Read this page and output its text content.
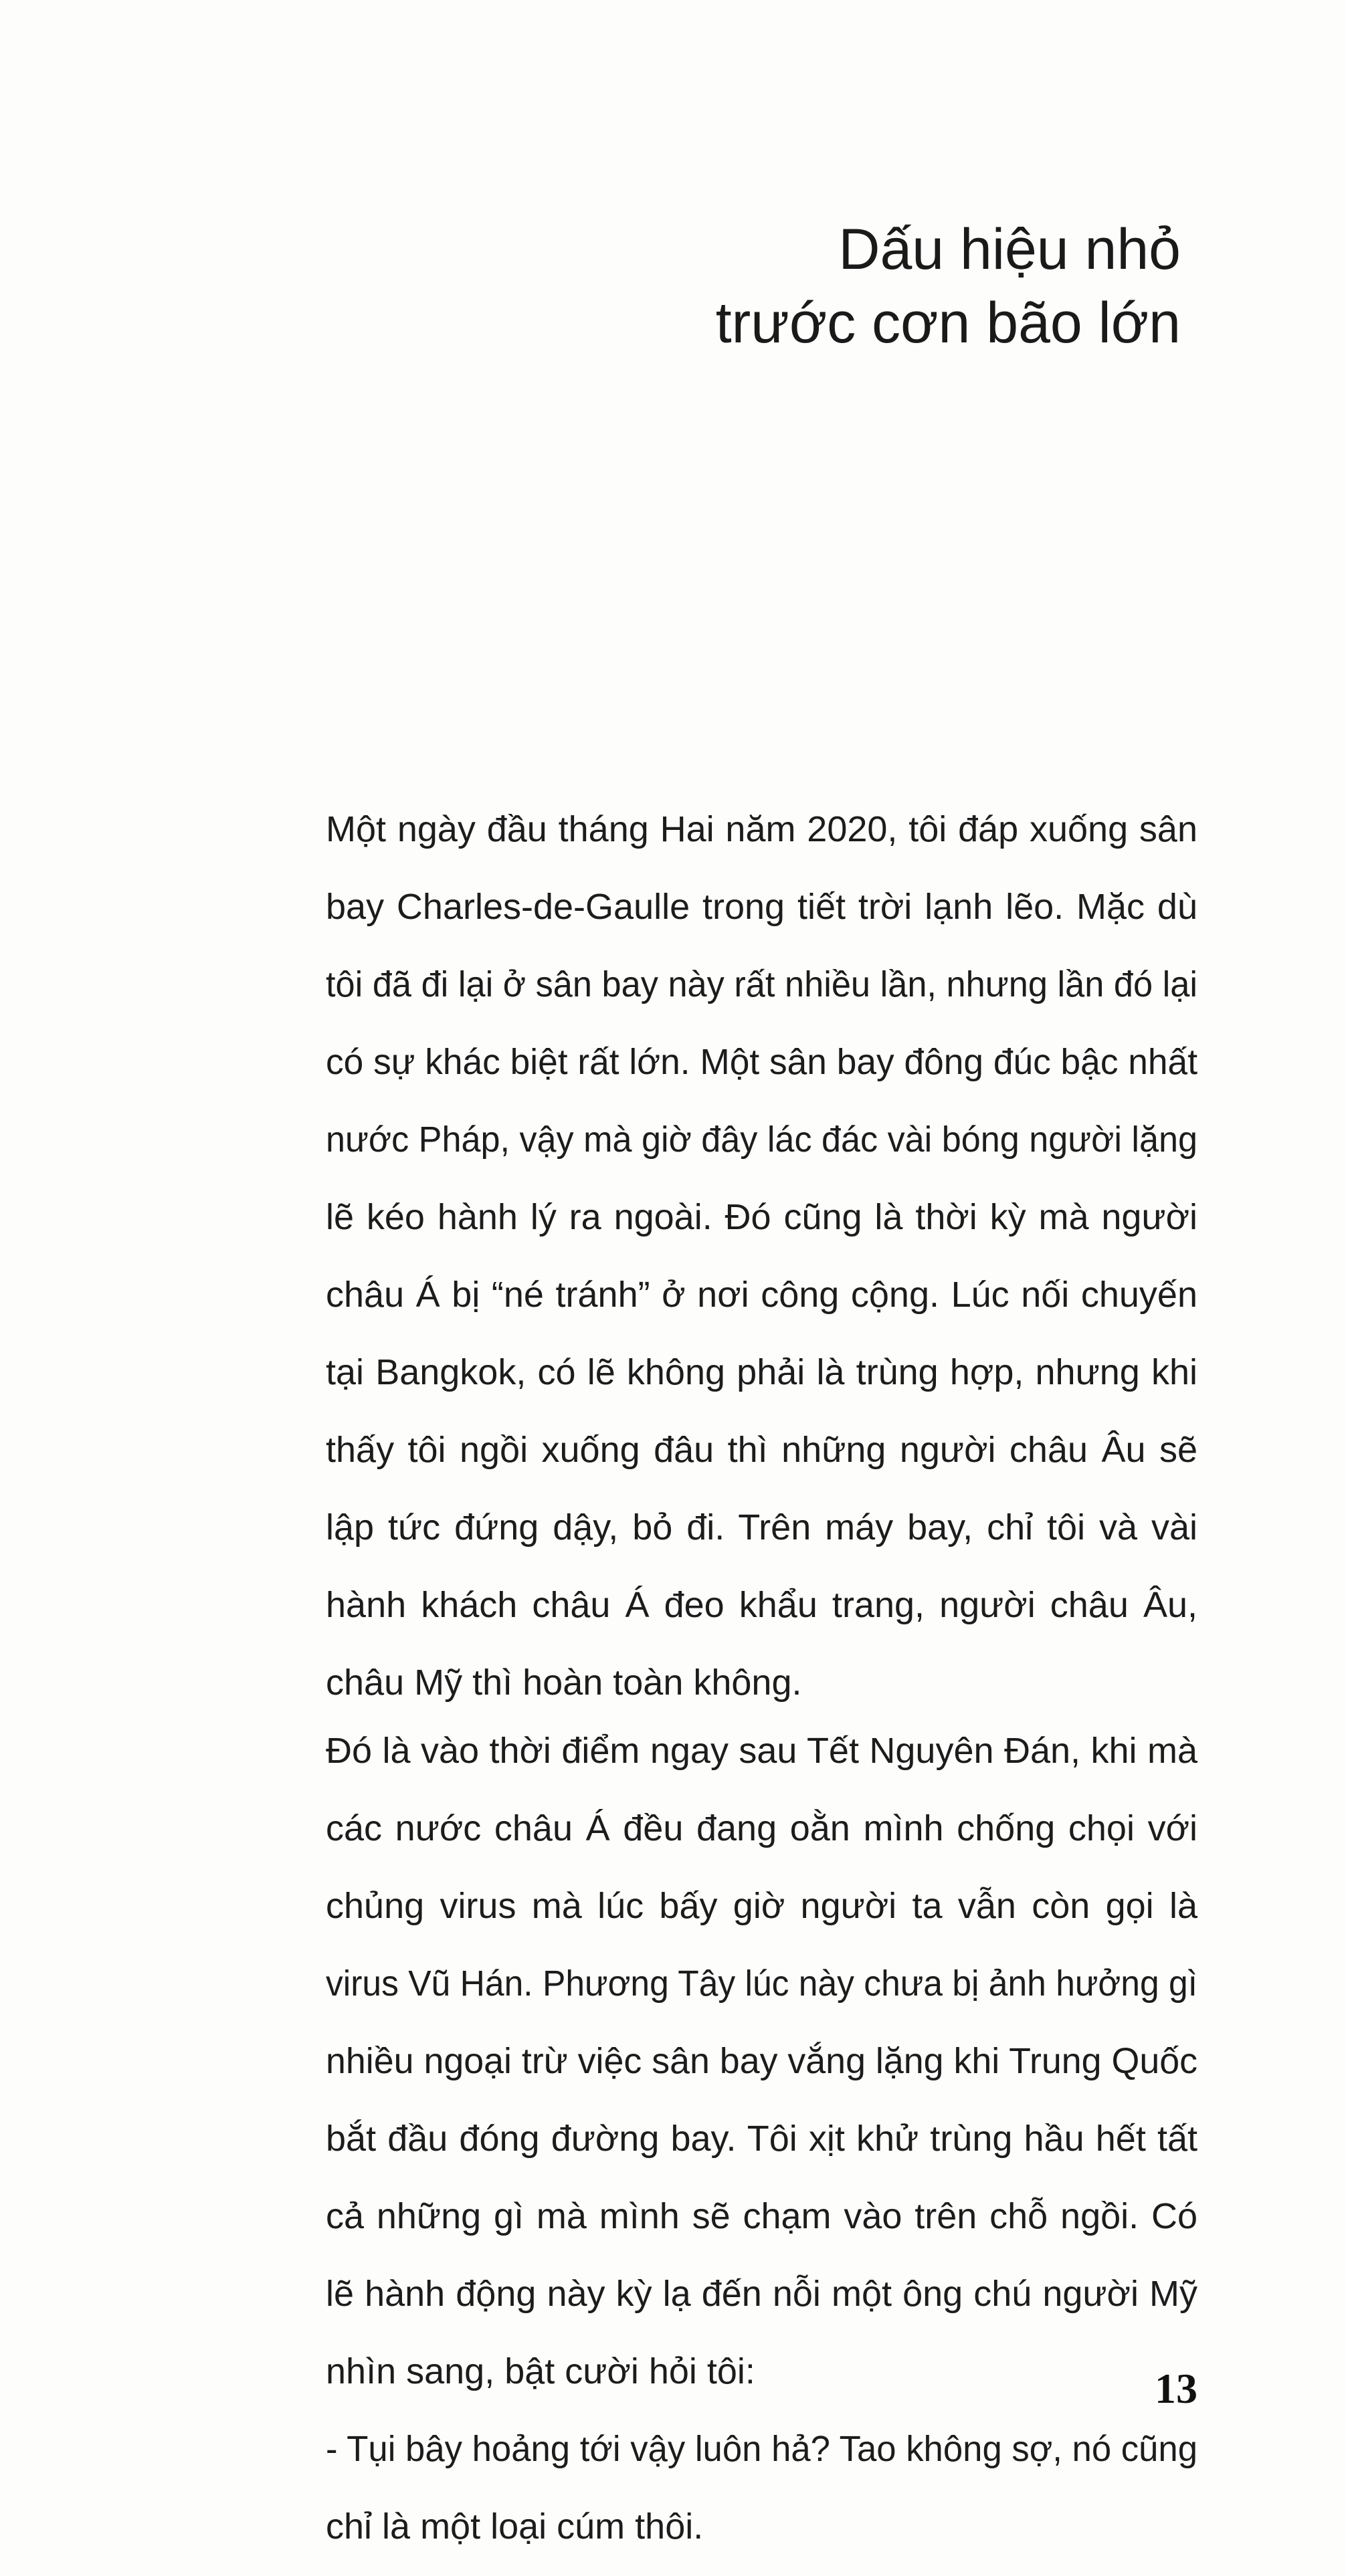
Dấu hiệu nhỏ
trước cơn bão lớn
Một ngày đầu tháng Hai năm 2020, tôi đáp xuống sân
bay Charles-de-Gaulle trong tiết trời lạnh lẽo. Mặc dù
tôi đã đi lại ở sân bay này rất nhiều lần, nhưng lần đó lại
có sự khác biệt rất lớn. Một sân bay đông đúc bậc nhất
nước Pháp, vậy mà giờ đây lác đác vài bóng người lặng
lẽ kéo hành lý ra ngoài. Đó cũng là thời kỳ mà người
châu Á bị “né tránh” ở nơi công cộng. Lúc nối chuyến
tại Bangkok, có lẽ không phải là trùng hợp, nhưng khi
thấy tôi ngồi xuống đâu thì những người châu Âu sẽ
lập tức đứng dậy, bỏ đi. Trên máy bay, chỉ tôi và vài
hành khách châu Á đeo khẩu trang, người châu Âu,
châu Mỹ thì hoàn toàn không.
Đó là vào thời điểm ngay sau Tết Nguyên Đán, khi mà
các nước châu Á đều đang oằn mình chống chọi với
chủng virus mà lúc bấy giờ người ta vẫn còn gọi là
virus Vũ Hán. Phương Tây lúc này chưa bị ảnh hưởng gì
nhiều ngoại trừ việc sân bay vắng lặng khi Trung Quốc
bắt đầu đóng đường bay. Tôi xịt khử trùng hầu hết tất
cả những gì mà mình sẽ chạm vào trên chỗ ngồi. Có
lẽ hành động này kỳ lạ đến nỗi một ông chú người Mỹ
nhìn sang, bật cười hỏi tôi:
- Tụi bây hoảng tới vậy luôn hả? Tao không sợ, nó cũng
chỉ là một loại cúm thôi.
13
